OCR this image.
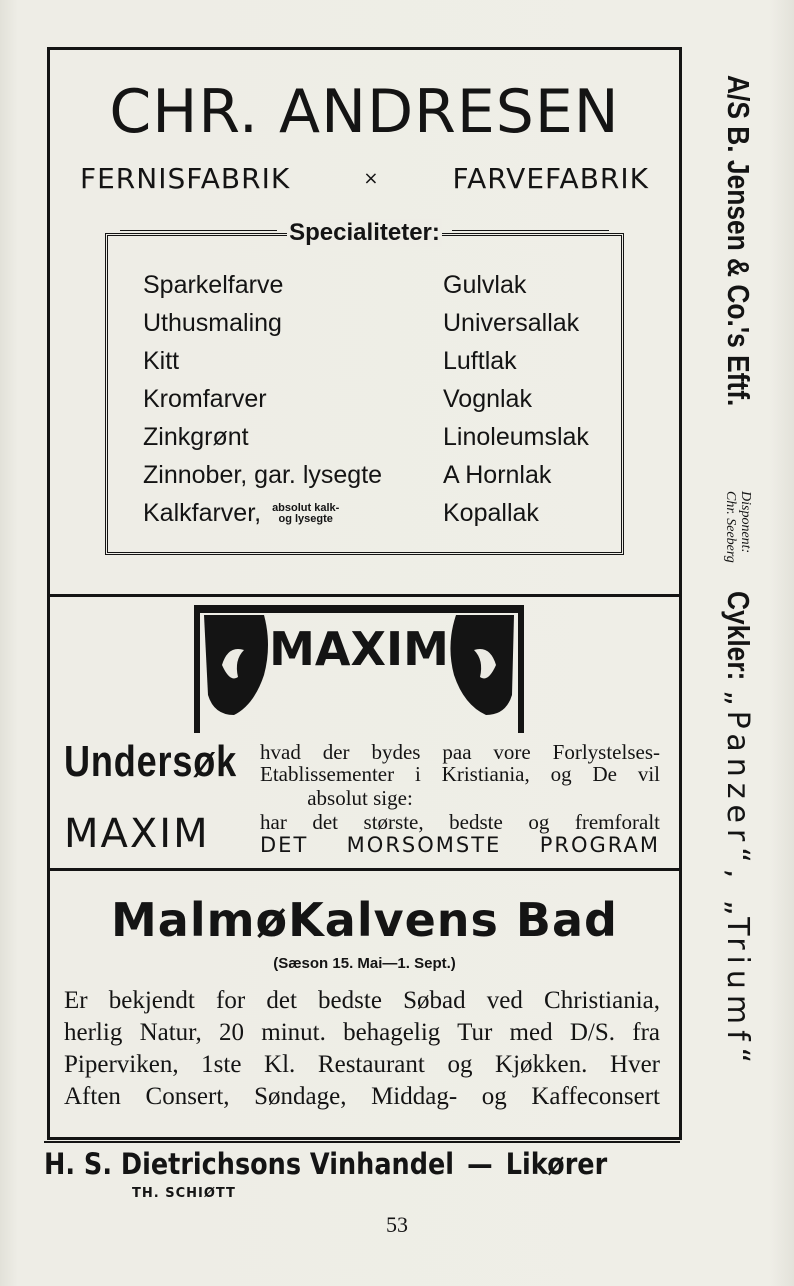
CHR. ANDRESEN
FERNISFABRIK	×	FARVEFABRIK
Specialiteter:
Sparkelfarve
Uthusmaling
Kitt
Kromfarver
Zinkgrønt
Zinnober, gar. lysegte
Kalkfarver, absolut kalk-
og lysegte
Gulvlak
Universallak
Luftlak
Vognlak
Linoleumslak
A Hornlak
Kopallak
MAXIM
Undersøk hvad der bydes paa vore Forlystelses-
Etablissementer i Kristiania, og De vil
absolut sige:
MAXIM har det største, bedste og fremforalt
DET MORSOMSTE PROGRAM
MalmøKalvens Bad
(Sæson 15. Mai—1. Sept.)
Er bekjendt for det bedste Søbad ved Christiania,
herlig Natur, 20 minut. behagelig Tur med D/S. fra
Piperviken, 1ste Kl. Restaurant og Kjøkken. Hver
Aften Consert, Søndage, Middag- og Kaffeconsert
H. S. Dietrichsons Vinhandel — Likører
TH. SCHIØTT
53
A/S B. Jensen & Co.'s Eftf.
Disponent:
Chr. Seeberg
Cykler:
„Panzer“, „Triumf“
